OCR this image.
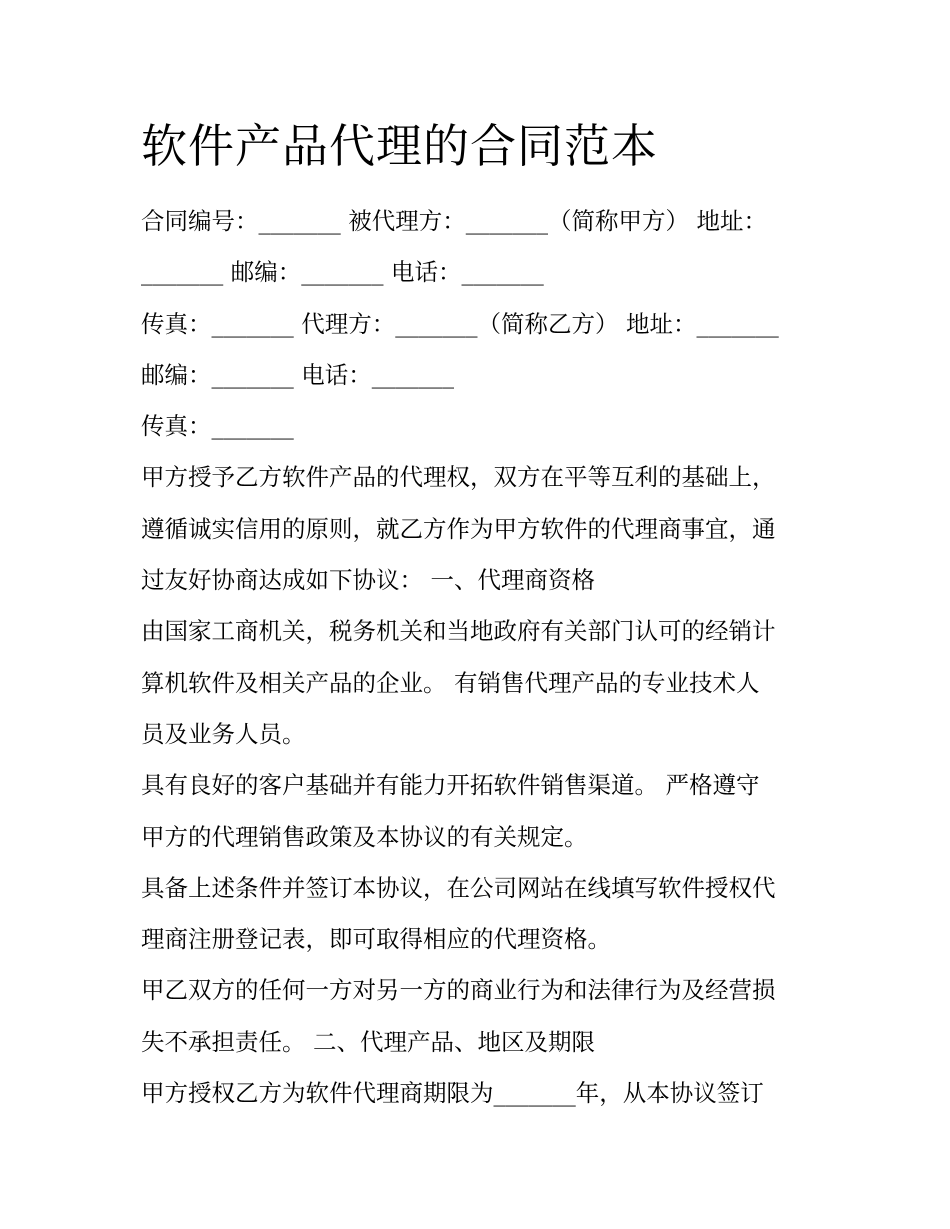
软件产品代理的合同范本
合同编号：_______ 被代理方：_______（简称甲方） 地址：
_______ 邮编：_______ 电话：_______
传真：_______ 代理方：_______（简称乙方） 地址：_______
邮编：_______ 电话：_______
传真：_______
甲方授予乙方软件产品的代理权，双方在平等互利的基础上，
遵循诚实信用的原则，就乙方作为甲方软件的代理商事宜，通
过友好协商达成如下协议： 一、代理商资格
由国家工商机关，税务机关和当地政府有关部门认可的经销计
算机软件及相关产品的企业。 有销售代理产品的专业技术人
员及业务人员。
具有良好的客户基础并有能力开拓软件销售渠道。 严格遵守
甲方的代理销售政策及本协议的有关规定。
具备上述条件并签订本协议，在公司网站在线填写软件授权代
理商注册登记表，即可取得相应的代理资格。
甲乙双方的任何一方对另一方的商业行为和法律行为及经营损
失不承担责任。 二、代理产品、地区及期限
甲方授权乙方为软件代理商期限为_______年，从本协议签订
